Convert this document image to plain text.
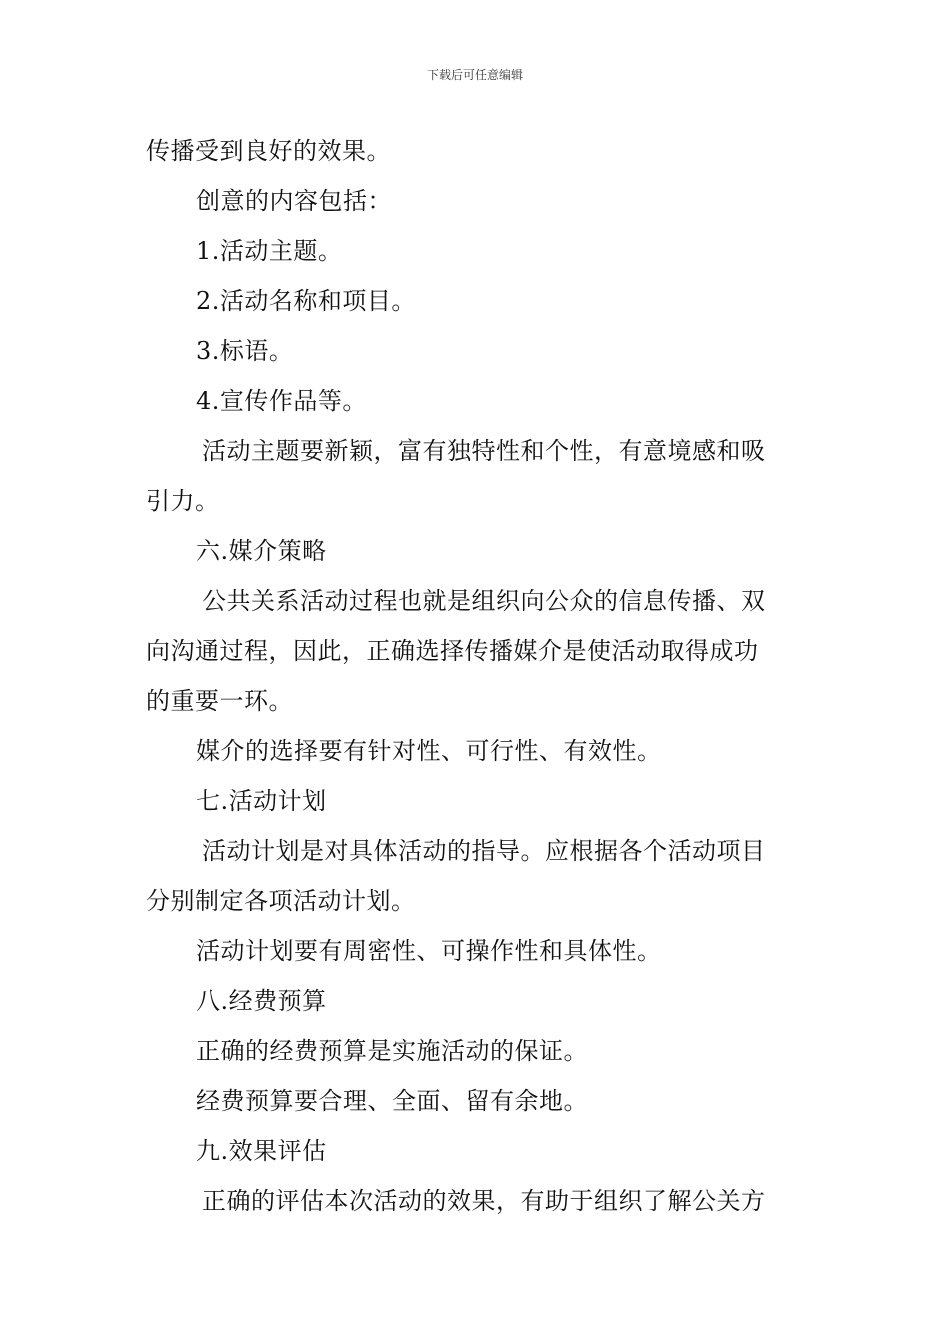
下载后可任意编辑
传播受到良好的效果。
创意的内容包括：
1.活动主题。
2.活动名称和项目。
3.标语。
4.宣传作品等。
活动主题要新颖，富有独特性和个性，有意境感和吸
引力。
六.媒介策略
公共关系活动过程也就是组织向公众的信息传播、双
向沟通过程，因此，正确选择传播媒介是使活动取得成功
的重要一环。
媒介的选择要有针对性、可行性、有效性。
七.活动计划
活动计划是对具体活动的指导。应根据各个活动项目
分别制定各项活动计划。
活动计划要有周密性、可操作性和具体性。
八.经费预算
正确的经费预算是实施活动的保证。
经费预算要合理、全面、留有余地。
九.效果评估
正确的评估本次活动的效果，有助于组织了解公关方
